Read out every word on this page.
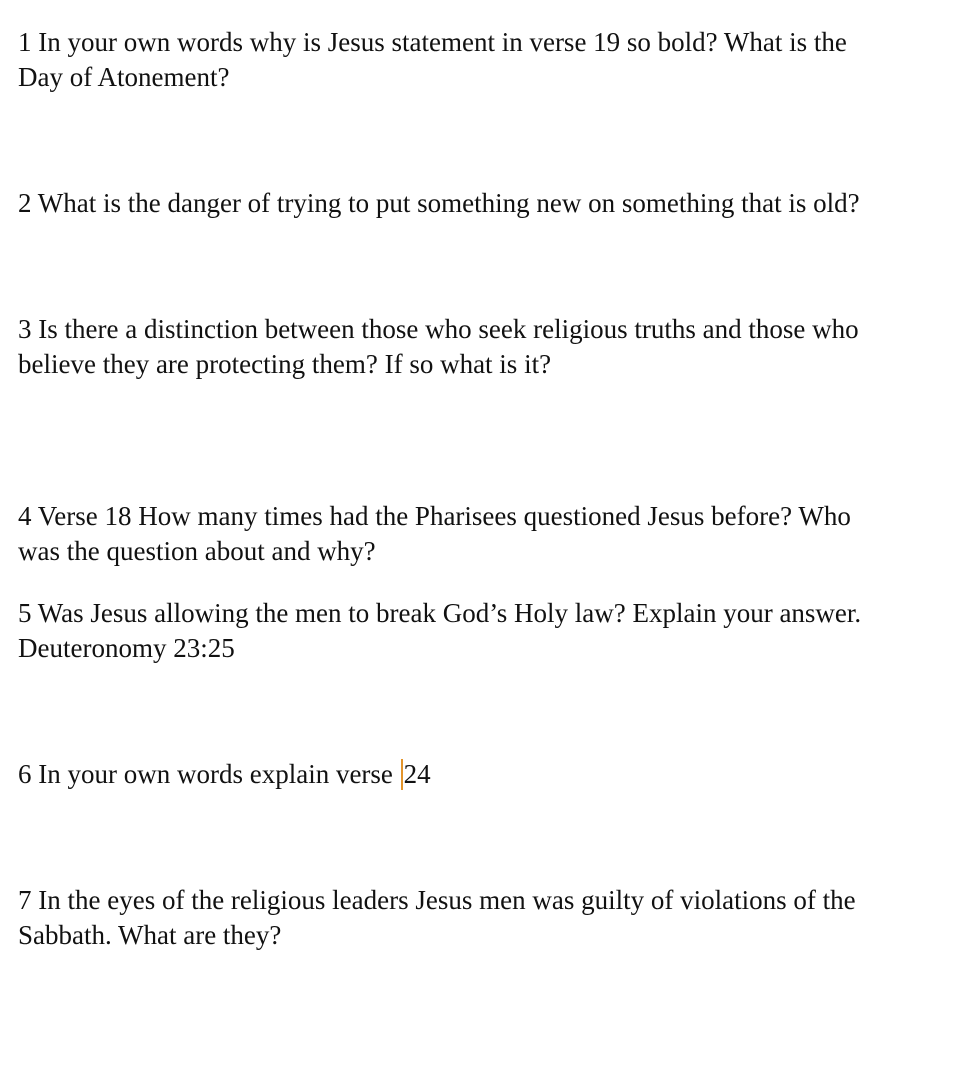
1 In your own words why is Jesus statement in verse 19 so bold? What is the
Day of Atonement?

2 What is the danger of trying to put something new on something that is old?

3 Is there a distinction between those who seek religious truths and those who
believe they are protecting them? If so what is it?

4 Verse 18 How many times had the Pharisees questioned Jesus before? Who
was the question about and why?

5 Was Jesus allowing the men to break God’s Holy law? Explain your answer.
Deuteronomy 23:25

6 In your own words explain verse 24

7 In the eyes of the religious leaders Jesus men was guilty of violations of the
Sabbath. What are they?
